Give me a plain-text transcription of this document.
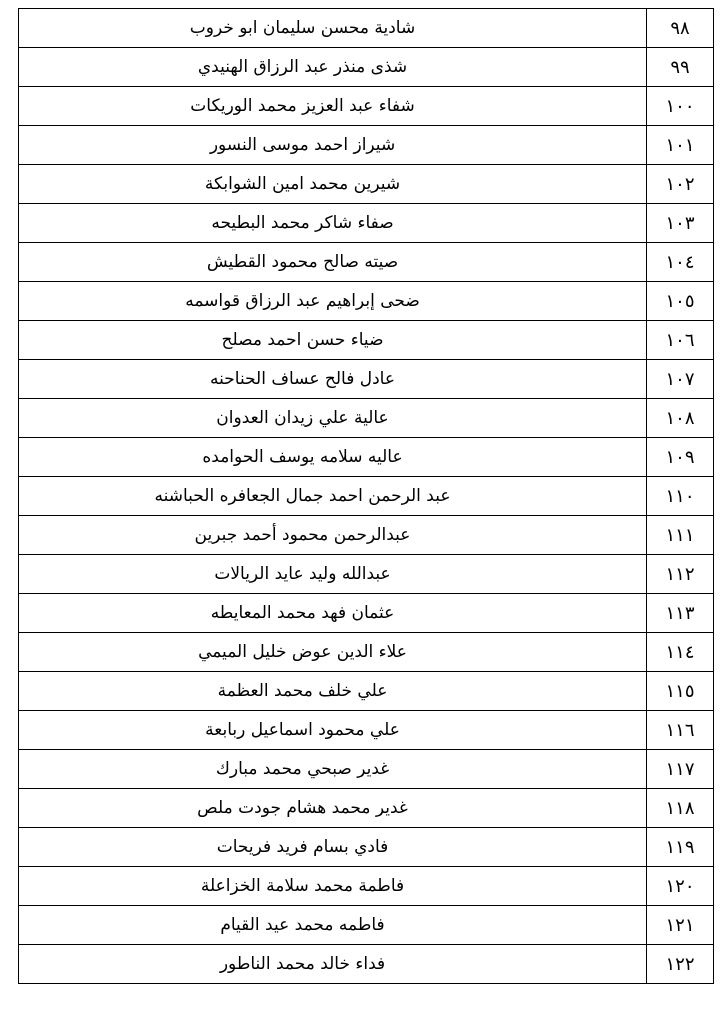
٩٨	شادية محسن سليمان ابو خروب
٩٩	شذى منذر عبد الرزاق الهنيدي
١٠٠	شفاء عبد العزيز محمد الوريكات
١٠١	شيراز احمد موسى النسور
١٠٢	شيرين محمد امين الشوابكة
١٠٣	صفاء شاكر محمد البطيحه
١٠٤	صيته صالح محمود القطيش
١٠٥	ضحى إبراهيم عبد الرزاق قواسمه
١٠٦	ضياء حسن احمد مصلح
١٠٧	عادل فالح عساف الحناحنه
١٠٨	عالية علي زيدان العدوان
١٠٩	عاليه سلامه يوسف الحوامده
١١٠	عبد الرحمن احمد جمال الجعافره الحباشنه
١١١	عبدالرحمن محمود أحمد جبرين
١١٢	عبدالله وليد عايد الريالات
١١٣	عثمان فهد محمد المعايطه
١١٤	علاء الدين عوض خليل الميمي
١١٥	علي خلف محمد العظمة
١١٦	علي محمود اسماعيل ربابعة
١١٧	غدير صبحي محمد مبارك
١١٨	غدير محمد هشام جودت ملص
١١٩	فادي بسام فريد فريحات
١٢٠	فاطمة محمد سلامة الخزاعلة
١٢١	فاطمه محمد عيد القيام
١٢٢	فداء خالد محمد الناطور
